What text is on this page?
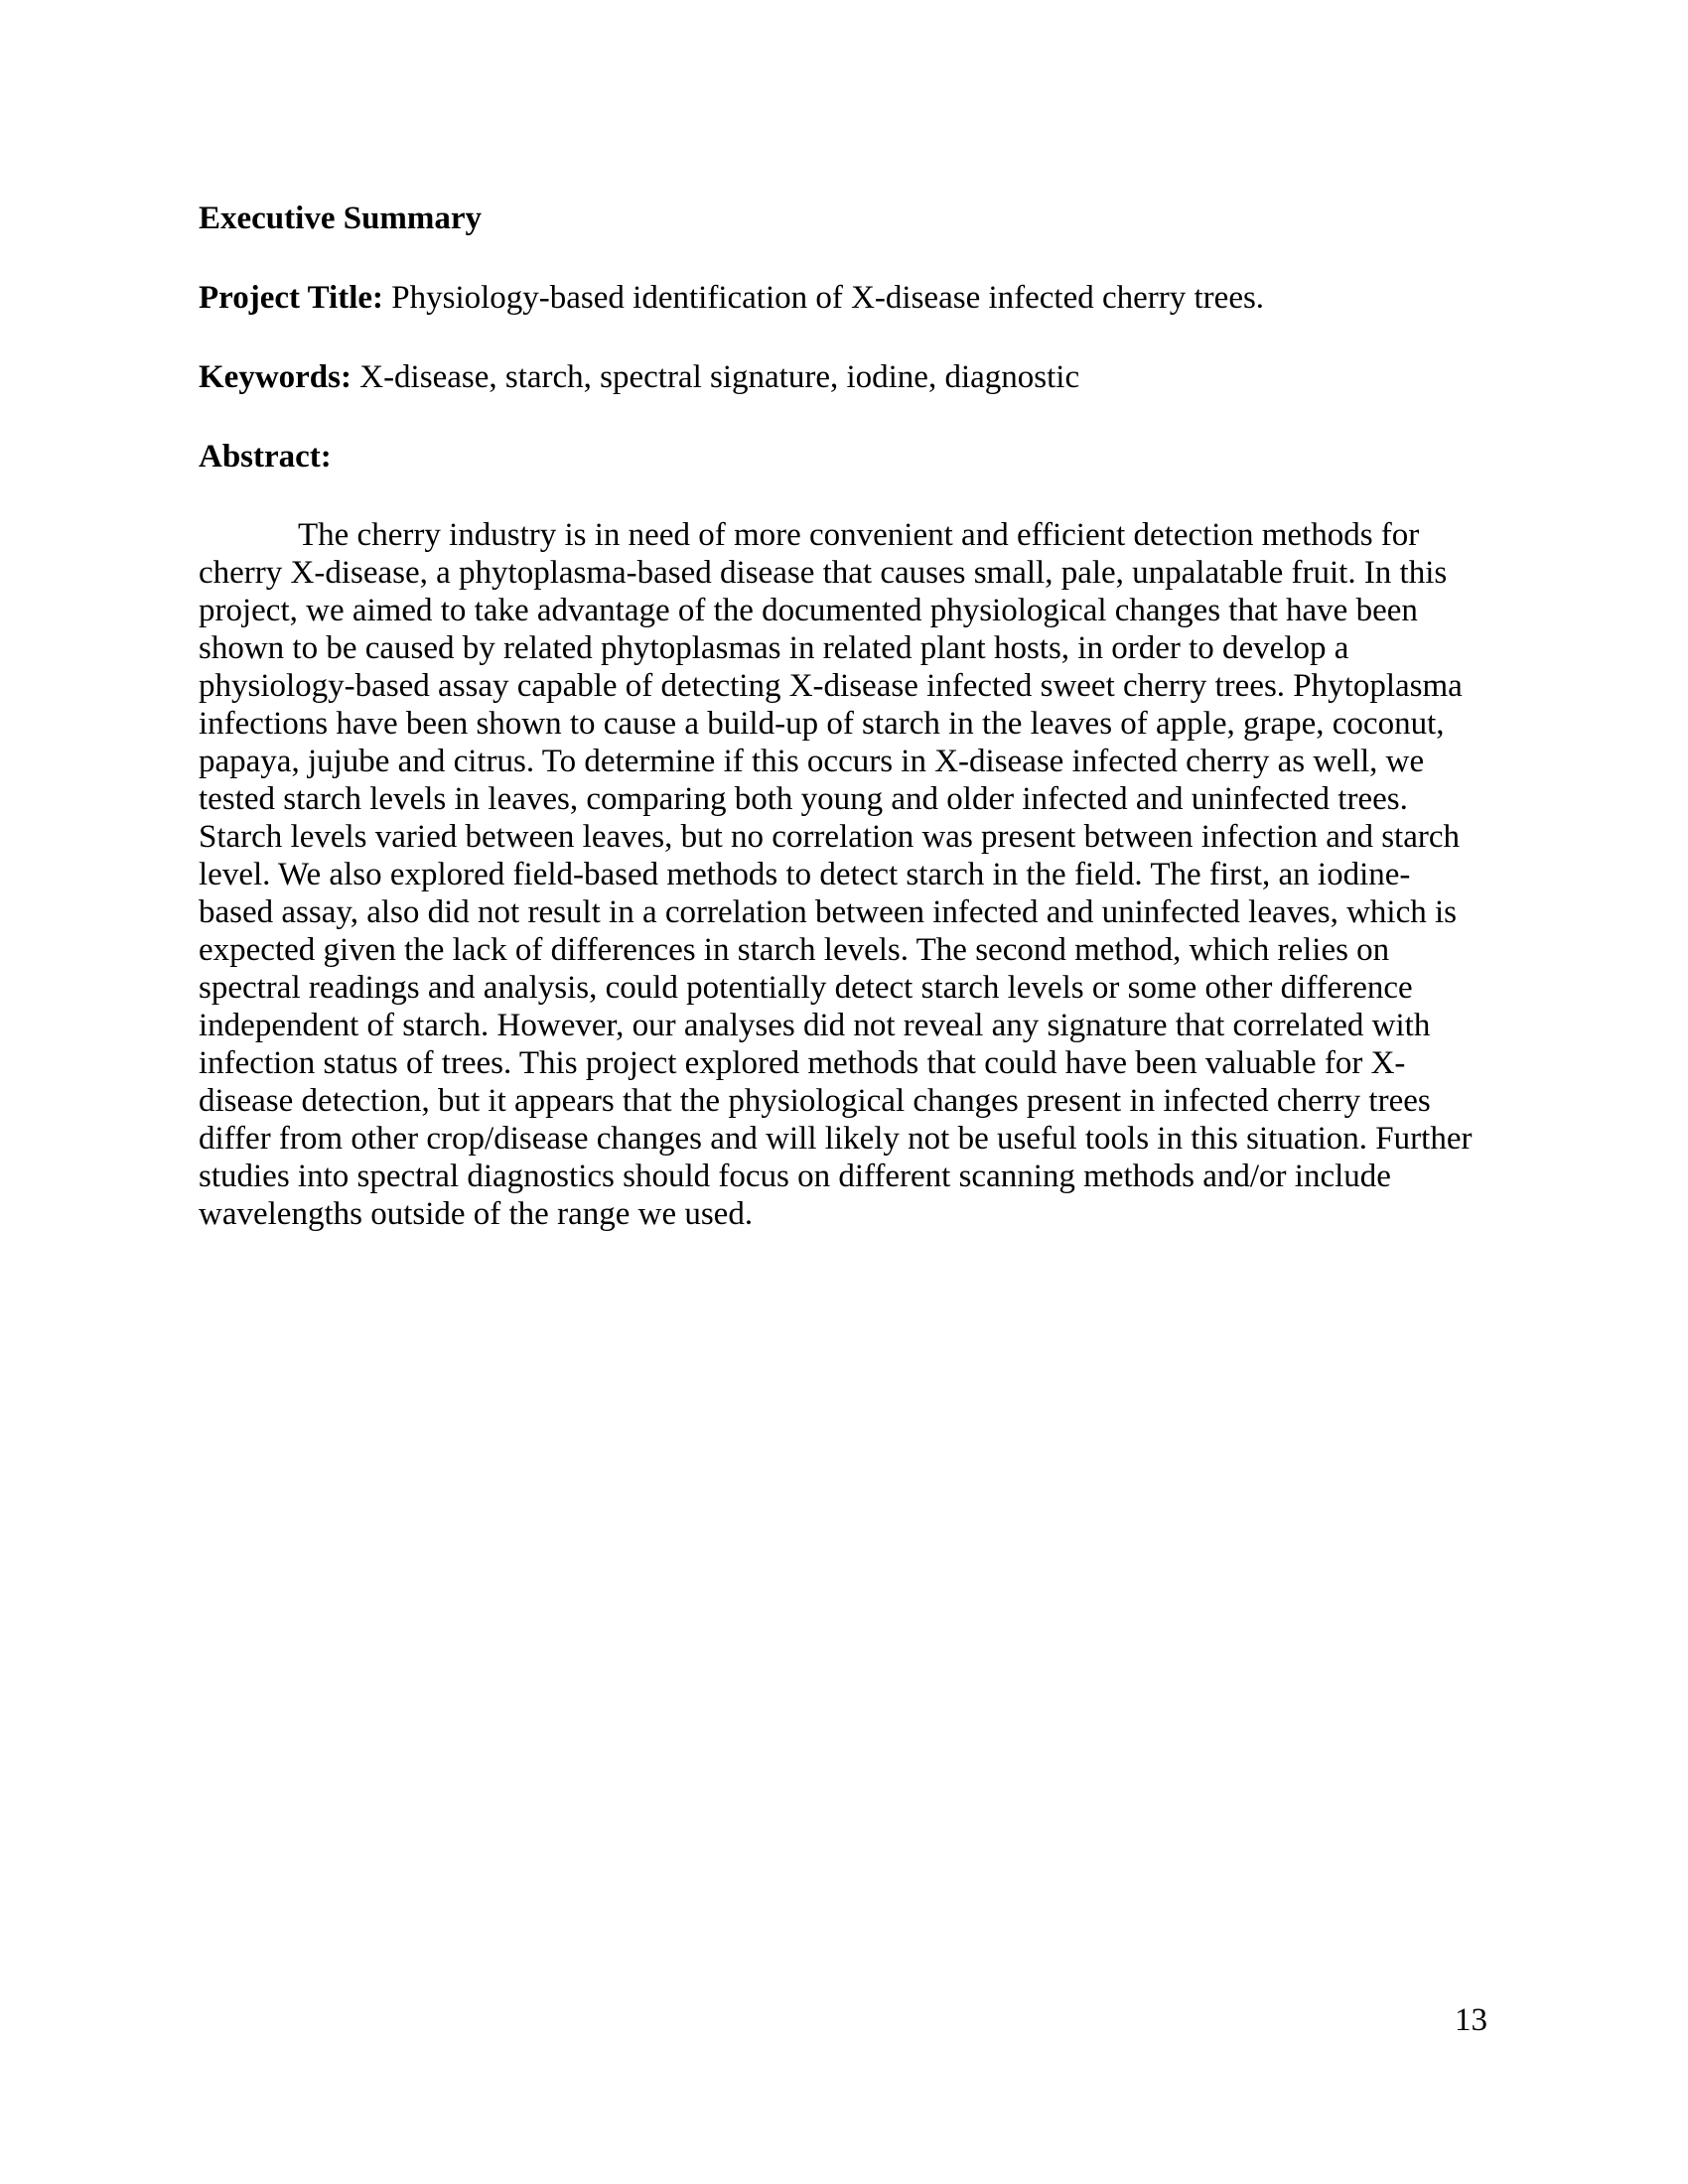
Executive Summary

Project Title: Physiology-based identification of X-disease infected cherry trees.

Keywords: X-disease, starch, spectral signature, iodine, diagnostic

Abstract:

The cherry industry is in need of more convenient and efficient detection methods for
cherry X-disease, a phytoplasma-based disease that causes small, pale, unpalatable fruit. In this
project, we aimed to take advantage of the documented physiological changes that have been
shown to be caused by related phytoplasmas in related plant hosts, in order to develop a
physiology-based assay capable of detecting X-disease infected sweet cherry trees. Phytoplasma
infections have been shown to cause a build-up of starch in the leaves of apple, grape, coconut,
papaya, jujube and citrus. To determine if this occurs in X-disease infected cherry as well, we
tested starch levels in leaves, comparing both young and older infected and uninfected trees.
Starch levels varied between leaves, but no correlation was present between infection and starch
level. We also explored field-based methods to detect starch in the field. The first, an iodine-
based assay, also did not result in a correlation between infected and uninfected leaves, which is
expected given the lack of differences in starch levels. The second method, which relies on
spectral readings and analysis, could potentially detect starch levels or some other difference
independent of starch. However, our analyses did not reveal any signature that correlated with
infection status of trees. This project explored methods that could have been valuable for X-
disease detection, but it appears that the physiological changes present in infected cherry trees
differ from other crop/disease changes and will likely not be useful tools in this situation. Further
studies into spectral diagnostics should focus on different scanning methods and/or include
wavelengths outside of the range we used.
13
